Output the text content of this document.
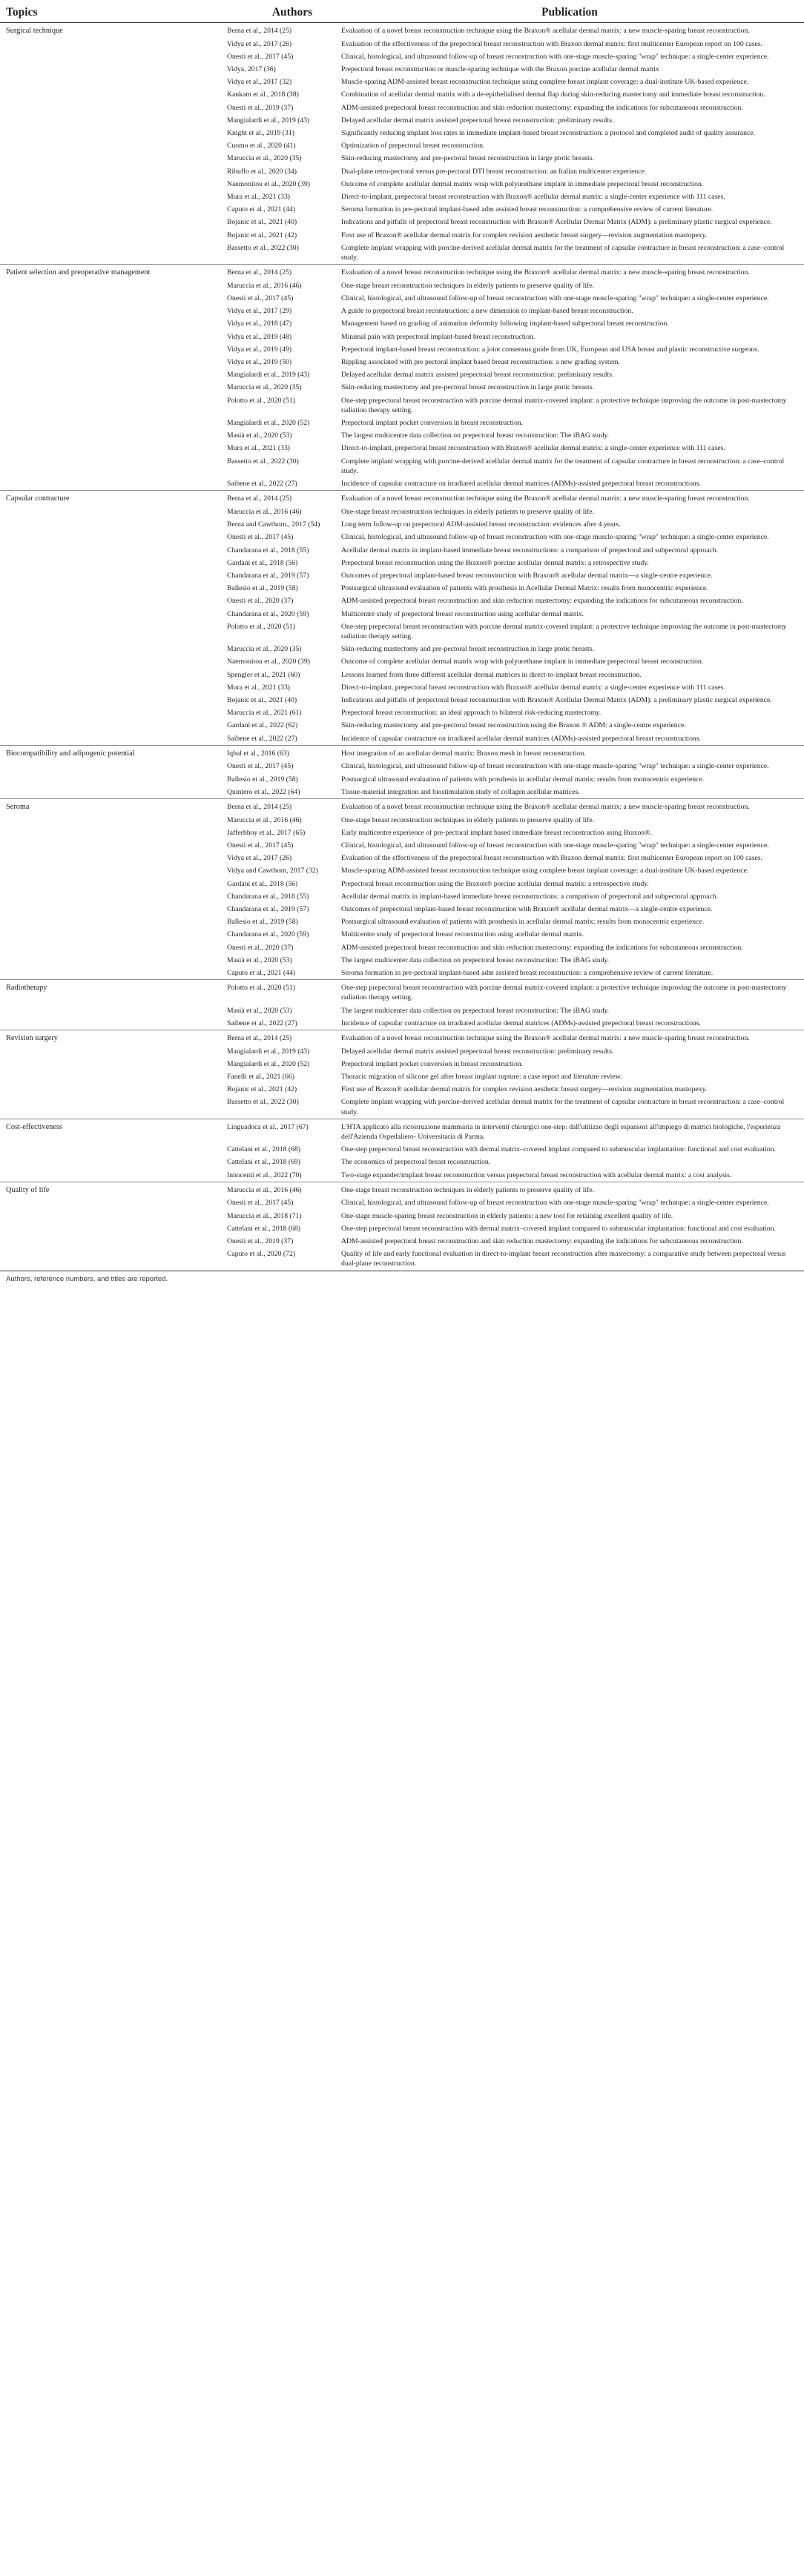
Topics	Authors		Publication
Surgical technique	Berna et al., 2014 (25)		Evaluation of a novel breast reconstruction technique using the Braxon® acellular dermal matrix: a new muscle-sparing breast reconstruction.
	Vidya et al., 2017 (26)		Evaluation of the effectiveness of the prepectoral breast reconstruction with Braxon dermal matrix: first multicenter European report on 100 cases.
	Onesti et al., 2017 (45)		Clinical, histological, and ultrasound follow-up of breast reconstruction with one-stage muscle-sparing "wrap" technique: a single-center experience.
	Vidya, 2017 (36)		Prepectoral breast reconstruction or muscle-sparing technique with the Braxon porcine acellular dermal matrix
	Vidya et al., 2017 (32)		Muscle-sparing ADM-assisted breast reconstruction technique using complete breast implant coverage: a dual-institute UK-based experience.
	Kankam et al., 2018 (38)		Combination of acellular dermal matrix with a de-epithelialised dermal flap during skin-reducing mastectomy and immediate breast reconstruction.
	Onesti et al., 2019 (37)		ADM-assisted prepectoral breast reconstruction and skin reduction mastectomy: expanding the indications for subcutaneous reconstruction.
	Mangialardi et al., 2019 (43)		Delayed acellular dermal matrix assisted prepectoral breast reconstruction: preliminary results.
	Knight et al., 2019 (31)		Significantly reducing implant loss rates in immediate implant-based breast reconstruction: a protocol and completed audit of quality assurance.
	Cuomo et al., 2020 (41)		Optimization of prepectoral breast reconstruction.
	Maruccia et al., 2020 (35)		Skin-reducing mastectomy and pre-pectoral breast reconstruction in large ptotic breasts.
	Ribuffo et al., 2020 (34)		Dual-plane retro-pectoral versus pre-pectoral DTI breast reconstruction: an Italian multicenter experience.
	Naemonitou et al., 2020 (39)		Outcome of complete acellular dermal matrix wrap with polyurethane implant in immediate prepectoral breast reconstruction.
	Mura et al., 2021 (33)		Direct-to-implant, prepectoral breast reconstruction with Braxon® acellular dermal matrix: a single-center experience with 111 cases.
	Caputo et al., 2021 (44)		Seroma formation in pre-pectoral implant-based adm assisted breast reconstruction: a comprehensive review of current literature.
	Bojanic et al., 2021 (40)		Indications and pitfalls of prepectoral breast reconstruction with Braxon® Acellular Dermal Matrix (ADM): a preliminary plastic surgical experience.
	Bojanic et al., 2021 (42)		First use of Braxon® acellular dermal matrix for complex revision aesthetic breast surgery—revision augmentation mastopexy.
	Bassetto et al., 2022 (30)		Complete implant wrapping with porcine-derived acellular dermal matrix for the treatment of capsular contracture in breast reconstruction: a case–control study.
Patient selection and preoperative management	Berna et al., 2014 (25)		Evaluation of a novel breast reconstruction technique using the Braxon® acellular dermal matrix: a new muscle-sparing breast reconstruction.
	Maruccia et al., 2016 (46)		One-stage breast reconstruction techniques in elderly patients to preserve quality of life.
	Onesti et al., 2017 (45)		Clinical, histological, and ultrasound follow-up of breast reconstruction with one-stage muscle-sparing "wrap" technique: a single-center experience.
	Vidya et al., 2017 (29)		A guide to prepectoral breast reconstruction: a new dimension to implant-based breast reconstruction.
	Vidya et al., 2018 (47)		Management based on grading of animation deformity following implant-based subpectoral breast reconstruction.
	Vidya et al., 2019 (48)		Minimal pain with prepectoral implant-based breast reconstruction.
	Vidya et al., 2019 (49)		Prepectoral implant-based breast reconstruction: a joint consensus guide from UK, European and USA breast and plastic reconstructive surgeons.
	Vidya et al., 2019 (50)		Rippling associated with pre pectoral implant based breast reconstruction: a new grading system.
	Mangialardi et al., 2019 (43)		Delayed acellular dermal matrix assisted prepectoral breast reconstruction: preliminary results.
	Maruccia et al., 2020 (35)		Skin-reducing mastectomy and pre-pectoral breast reconstruction in large ptotic breasts.
	Polotto et al., 2020 (51)		One-step prepectoral breast reconstruction with porcine dermal matrix-covered implant: a protective technique improving the outcome in post-mastectomy radiation therapy setting.
	Mangialardi et al., 2020 (52)		Prepectoral implant pocket conversion in breast reconstruction.
	Masià et al., 2020 (53)		The largest multicentre data collection on prepectoral breast reconstruction: The iBAG study.
	Mura et al., 2021 (33)		Direct-to-implant, prepectoral breast reconstruction with Braxon® acellular dermal matrix: a single-center experience with 111 cases.
	Bassetto et al., 2022 (30)		Complete implant wrapping with porcine-derived acellular dermal matrix for the treatment of capsular contracture in breast reconstruction: a case–control study.
	Saibene et al., 2022 (27)		Incidence of capsular contracture on irradiated acellular dermal matrices (ADMs)-assisted prepectoral breast reconstructions.
Capsular contracture	Berna et al., 2014 (25)		Evaluation of a novel breast reconstruction technique using the Braxon® acellular dermal matrix: a new muscle-sparing breast reconstruction.
	Maruccia et al., 2016 (46)		One-stage breast reconstruction techniques in elderly patients to preserve quality of life.
	Berna and Cawthorn., 2017 (54)		Long term follow-up on prepectoral ADM-assisted breast reconstruction: evidences after 4 years.
	Onesti et al., 2017 (45)		Clinical, histological, and ultrasound follow-up of breast reconstruction with one-stage muscle-sparing "wrap" technique: a single-center experience.
	Chandarana et al., 2018 (55)		Acellular dermal matrix in implant-based immediate breast reconstructions: a comparison of prepectoral and subpectoral approach.
	Gardani et al., 2018 (56)		Prepectoral breast reconstruction using the Braxon® porcine acellular dermal matrix: a retrospective study.
	Chandarana et al., 2019 (57)		Outcomes of prepectoral implant-based breast reconstruction with Braxon® acellular dermal matrix—a single-centre experience.
	Ballesio et al., 2019 (58)		Postsurgical ultrasound evaluation of patients with prosthesis in Acellular Dermal Matrix: results from monocentric experience.
	Onesti et al., 2020 (37)		ADM-assisted prepectoral breast reconstruction and skin reduction mastectomy: expanding the indications for subcutaneous reconstruction.
	Chandarana et al., 2020 (59)		Multicentre study of prepectoral breast reconstruction using acellular dermal matrix.
	Polotto et al., 2020 (51)		One-step prepectoral breast reconstruction with porcine dermal matrix-covered implant: a protective technique improving the outcome in post-mastectomy radiation therapy setting.
	Maruccia et al., 2020 (35)		Skin-reducing mastectomy and pre-pectoral breast reconstruction in large ptotic breasts.
	Naemonitou et al., 2020 (39)		Outcome of complete acellular dermal matrix wrap with polyurethane implant in immediate prepectoral breast reconstruction.
	Spengler et al., 2021 (60)		Lessons learned from three different acellular dermal matrices in direct-to-implant breast reconstruction.
	Mura et al., 2021 (33)		Direct-to-implant, prepectoral breast reconstruction with Braxon® acellular dermal matrix: a single-center experience with 111 cases.
	Bojanic et al., 2021 (40)		Indications and pitfalls of prepectoral breast reconstruction with Braxon® Acellular Dermal Matrix (ADM): a preliminary plastic surgical experience.
	Maruccia et al., 2021 (61)		Prepectoral breast reconstruction: an ideal approach to bilateral risk-reducing mastectomy.
	Gardani et al., 2022 (62)		Skin-reducing mastectomy and pre-pectoral breast reconstruction using the Braxon ® ADM: a single-centre experience.
	Saibene et al., 2022 (27)		Incidence of capsular contracture on irradiated acellular dermal matrices (ADMs)-assisted prepectoral breast reconstructions.
Biocompatibility and adipogenic potential	Iqbal et al., 2016 (63)		Host integration of an acellular dermal matrix: Braxon mesh in breast reconstruction.
	Onesti et al., 2017 (45)		Clinical, histological, and ultrasound follow-up of breast reconstruction with one-stage muscle-sparing "wrap" technique: a single-center experience.
	Ballesio et al., 2019 (58)		Postsurgical ultrasound evaluation of patients with prosthesis in acellular dermal matrix: results from monocentric experience.
	Quintero et al., 2022 (64)		Tissue-material integration and biostimulation study of collagen acellular matrices.
Seroma	Berna et al., 2014 (25)		Evaluation of a novel breast reconstruction technique using the Braxon® acellular dermal matrix: a new muscle-sparing breast reconstruction.
	Maruccia et al., 2016 (46)		One-stage breast reconstruction techniques in elderly patients to preserve quality of life.
	Jafferbhoy et al., 2017 (65)		Early multicentre experience of pre-pectoral implant based immediate breast reconstruction using Braxon®.
	Onesti et al., 2017 (45)		Clinical, histological, and ultrasound follow-up of breast reconstruction with one-stage muscle-sparing "wrap" technique: a single-center experience.
	Vidya et al., 2017 (26)		Evaluation of the effectiveness of the prepectoral breast reconstruction with Braxon dermal matrix: first multicenter European report on 100 cases.
	Vidya and Cawthorn, 2017 (32)		Muscle-sparing ADM-assisted breast reconstruction technique using complete breast implant coverage: a dual-institute UK-based experience.
	Gardani et al., 2018 (56)		Prepectoral breast reconstruction using the Braxon® porcine acellular dermal matrix: a retrospective study.
	Chandarana et al., 2018 (55)		Acellular dermal matrix in implant-based immediate breast reconstructions: a comparison of prepectoral and subpectoral approach.
	Chandarana et al., 2019 (57)		Outcomes of prepectoral implant-based breast reconstruction with Braxon® acellular dermal matrix—a single-centre experience.
	Ballesio et al., 2019 (58)		Postsurgical ultrasound evaluation of patients with prosthesis in acellular dermal matrix: results from monocentric experience.
	Chandarana et al., 2020 (59)		Multicentre study of prepectoral breast reconstruction using acellular dermal matrix.
	Onesti et al., 2020 (37)		ADM-assisted prepectoral breast reconstruction and skin reduction mastectomy: expanding the indications for subcutaneous reconstruction.
	Masià et al., 2020 (53)		The largest multicenter data collection on prepectoral breast reconstruction: The iBAG study.
	Caputo et al., 2021 (44)		Seroma formation in pre-pectoral implant-based adm assisted breast reconstruction: a comprehensive review of current literature.
Radiotherapy	Polotto et al., 2020 (51)		One-step prepectoral breast reconstruction with porcine dermal matrix-covered implant: a protective technique improving the outcome in post-mastectomy radiation therapy setting.
	Masià et al., 2020 (53)		The largest multicenter data collection on prepectoral breast reconstruction: The iBAG study.
	Saibene et al., 2022 (27)		Incidence of capsular contracture on irradiated acellular dermal matrices (ADMs)-assisted prepectoral breast reconstructions.
Revision surgery	Berna et al., 2014 (25)		Evaluation of a novel breast reconstruction technique using the Braxon® acellular dermal matrix: a new muscle-sparing breast reconstruction.
	Mangialardi et al., 2019 (43)		Delayed acellular dermal matrix assisted prepectoral breast reconstruction: preliminary results.
	Mangialardi et al., 2020 (52)		Prepectoral implant pocket conversion in breast reconstruction.
	Fanelli et al., 2021 (66)		Thoracic migration of silicone gel after breast implant rupture: a case report and literature review.
	Bojanic et al., 2021 (42)		First use of Braxon® acellular dermal matrix for complex revision aesthetic breast surgery—revision augmentation mastopexy.
	Bassetto et al., 2022 (30)		Complete implant wrapping with porcine-derived acellular dermal matrix for the treatment of capsular contracture in breast reconstruction: a case–control study.
Cost-effectiveness	Linguadoca et al., 2017 (67)		L'HTA applicato alla ricostruzione mammaria in interventi chirurgici one-step: dall'utilizzo degli espansori all'impiego di matrici biologiche, l'esperienza dell'Azienda Ospedaliero- Universitaria di Parma.
	Cattelani et al., 2018 (68)		One-step prepectoral breast reconstruction with dermal matrix–covered implant compared to submuscular implantation: functional and cost evaluation.
	Cattelani et al., 2018 (69)		The economics of prepectoral breast reconstruction.
	Innocenti et al., 2022 (70)		Two-stage expander/implant breast reconstruction versus prepectoral breast reconstruction with acellular dermal matrix: a cost analysis.
Quality of life	Maruccia et al., 2016 (46)		One-stage breast reconstruction techniques in elderly patients to preserve quality of life.
	Onesti et al., 2017 (45)		Clinical, histological, and ultrasound follow-up of breast reconstruction with one-stage muscle-sparing "wrap" technique: a single-center experience.
	Maruccia et al., 2018 (71)		One-stage muscle-sparing breast reconstruction in elderly patients: a new tool for retaining excellent quality of life.
	Cattelani et al., 2018 (68)		One-step prepectoral breast reconstruction with dermal matrix–covered implant compared to submuscular implantation: functional and cost evaluation.
	Onesti et al., 2019 (37)		ADM-assisted prepectoral breast reconstruction and skin reduction mastectomy: expanding the indications for subcutaneous reconstruction.
	Caputo et al., 2020 (72)		Quality of life and early functional evaluation in direct-to-implant breast reconstruction after mastectomy: a comparative study between prepectoral versus dual-plane reconstruction.
Authors, reference numbers, and titles are reported.			
